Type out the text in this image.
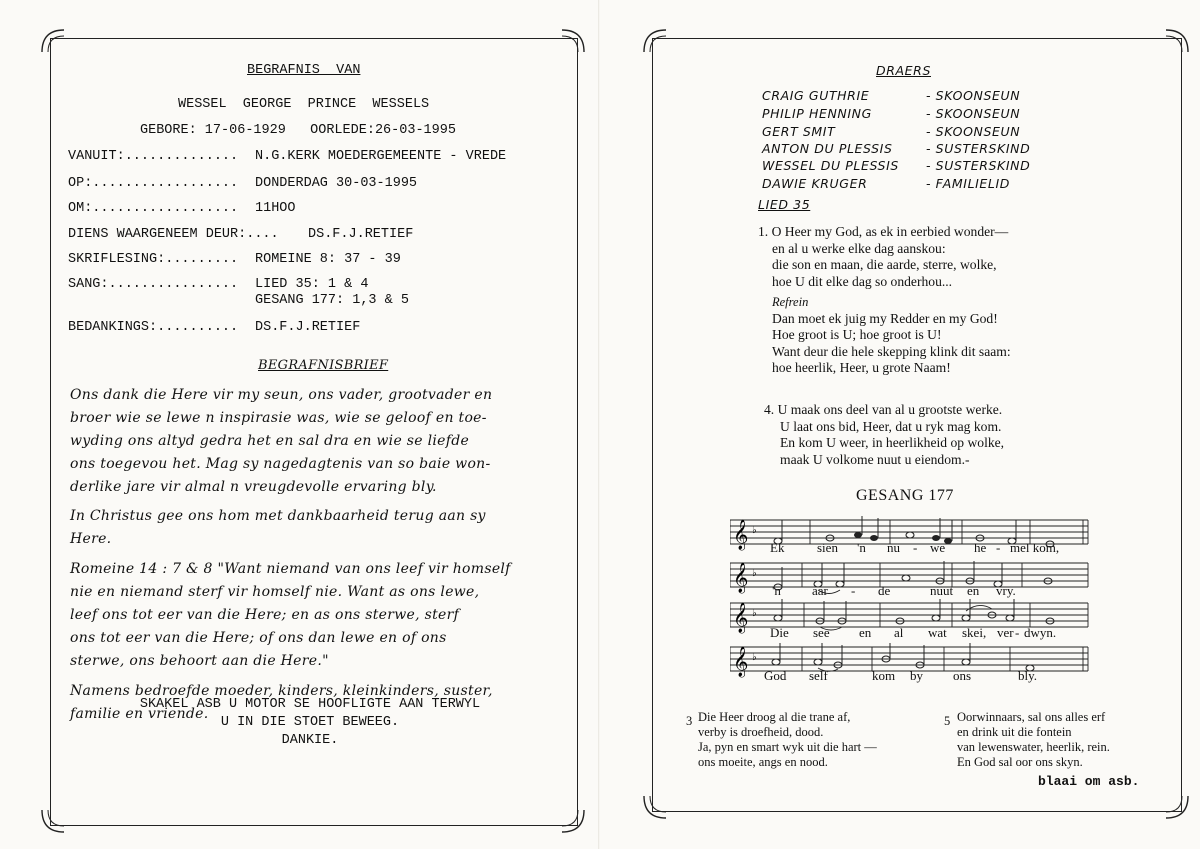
BEGRAFNIS  VAN
WESSEL  GEORGE  PRINCE  WESSELS
GEBORE: 17-06-1929   OORLEDE:26-03-1995
VANUIT:.............. N.G.KERK MOEDERGEMEENTE - VREDE
OP:.................. DONDERDAG 30-03-1995
OM:.................. 11HOO
DIENS WAARGENEEM DEUR:.... DS.F.J.RETIEF
SKRIFLESING:......... ROMEINE 8: 37 - 39
SANG:................ LIED 35: 1 & 4
GESANG 177: 1,3 & 5
BEDANKINGS:.......... DS.F.J.RETIEF
BEGRAFNISBRIEF
Ons dank die Here vir my seun, ons vader, grootvader en
broer wie se lewe n inspirasie was, wie se geloof en toe-
wyding ons altyd gedra het en sal dra en wie se liefde
ons toegevou het. Mag sy nagedagtenis van so baie won-
derlike jare vir almal n vreugdevolle ervaring bly.
In Christus gee ons hom met dankbaarheid terug aan sy
Here.
Romeine 14 : 7 & 8 "Want niemand van ons leef vir homself
nie en niemand sterf vir homself nie. Want as ons lewe,
leef ons tot eer van die Here; en as ons sterwe, sterf
ons tot eer van die Here; of ons dan lewe en of ons
sterwe, ons behoort aan die Here."
Namens bedroefde moeder, kinders, kleinkinders, suster,
familie en vriende.
SKAKEL ASB U MOTOR SE HOOFLIGTE AAN TERWYL
U IN DIE STOET BEWEEG.
DANKIE.
DRAERS
CRAIG GUTHRIE	- SKOONSEUN
PHILIP HENNING	- SKOONSEUN
GERT SMIT	- SKOONSEUN
ANTON DU PLESSIS	- SUSTERSKIND
WESSEL DU PLESSIS - SUSTERSKIND
DAWIE KRUGER	- FAMILIELID
LIED 35
1. O Heer my God, as ek in eerbied wonder—
en al u werke elke dag aanskou:
die son en maan, die aarde, sterre, wolke,
hoe U dit elke dag so onderhou...
Refrein
Dan moet ek juig my Redder en my God!
Hoe groot is U; hoe groot is U!
Want deur die hele skepping klink dit saam:
hoe heerlik, Heer, u grote Naam!
4. U maak ons deel van al u grootste werke.
U laat ons bid, Heer, dat u ryk mag kom.
En kom U weer, in heerlikheid op wolke,
maak U volkome nuut u eiendom.-
GESANG 177
𝄞 ♭
Ek	sien 'n nu - we he - mel kom,
𝄞 ♭
'n aar - de	nuut en vry.
𝄞 ♭
Die see en al wat skei, ver - dwyn.
𝄞 ♭
God self	kom by ons	bly.
3 Die Heer droog al die trane af,
verby is droefheid, dood.
Ja, pyn en smart wyk uit die hart —
ons moeite, angs en nood.
5 Oorwinnaars, sal ons alles erf
en drink uit die fontein
van lewenswater, heerlik, rein.
En God sal oor ons skyn.
blaai om asb.
